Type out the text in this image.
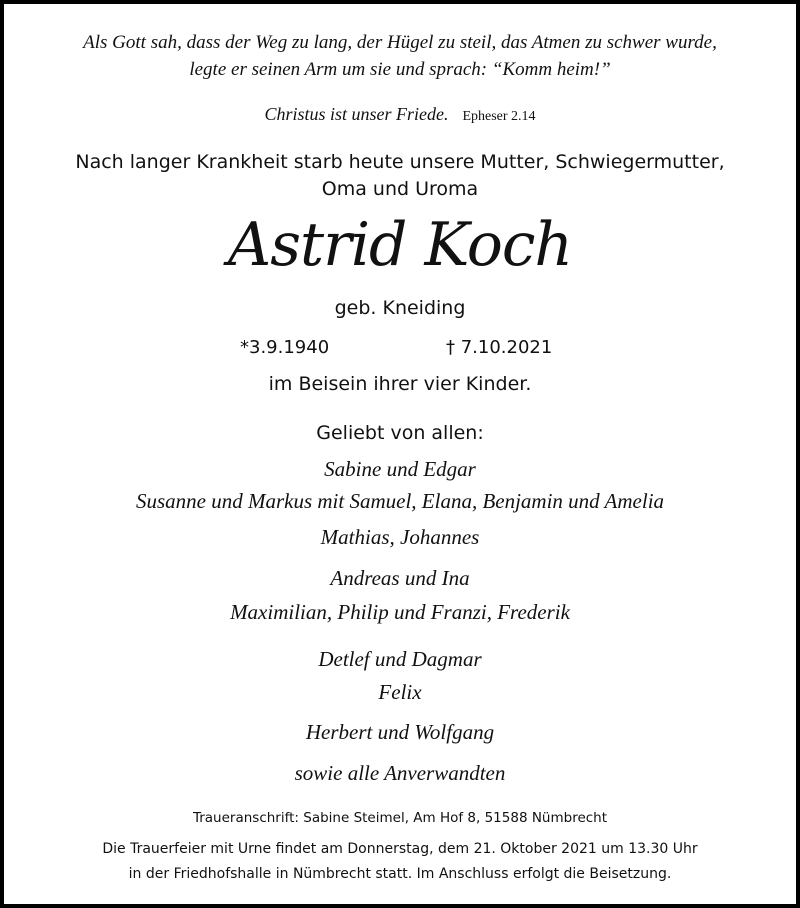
Als Gott sah, dass der Weg zu lang, der Hügel zu steil, das Atmen zu schwer wurde,
legte er seinen Arm um sie und sprach: “Komm heim!”
Christus ist unser Friede. Epheser 2.14
Nach langer Krankheit starb heute unsere Mutter, Schwiegermutter,
Oma und Uroma
Astrid Koch
geb. Kneiding
*3.9.1940	† 7.10.2021
im Beisein ihrer vier Kinder.
Geliebt von allen:
Sabine und Edgar
Susanne und Markus mit Samuel, Elana, Benjamin und Amelia
Mathias, Johannes
Andreas und Ina
Maximilian, Philip und Franzi, Frederik
Detlef und Dagmar
Felix
Herbert und Wolfgang
sowie alle Anverwandten
Traueranschrift: Sabine Steimel, Am Hof 8, 51588 Nümbrecht
Die Trauerfeier mit Urne findet am Donnerstag, dem 21. Oktober 2021 um 13.30 Uhr
in der Friedhofshalle in Nümbrecht statt. Im Anschluss erfolgt die Beisetzung.
